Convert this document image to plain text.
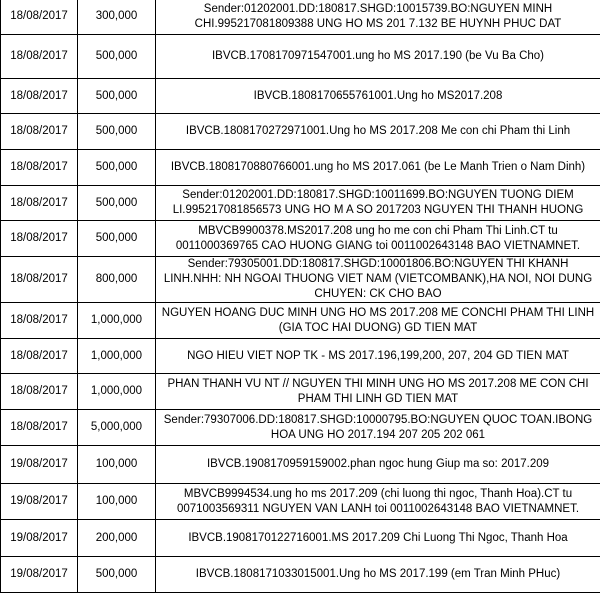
18/08/2017	300,000	Sender:01202001.DD:180817.SHGD:10015739.BO:NGUYEN MINH CHI.995217081809388 UNG HO MS 201 7.132 BE HUYNH PHUC DAT
18/08/2017	500,000	IBVCB.1708170971547001.ung ho MS 2017.190 (be Vu Ba Cho)
18/08/2017	500,000	IBVCB.1808170655761001.Ung ho MS2017.208
18/08/2017	500,000	IBVCB.1808170272971001.Ung ho MS 2017.208 Me con chi Pham thi Linh
18/08/2017	500,000	IBVCB.1808170880766001.ung ho MS 2017.061 (be Le Manh Trien o Nam Dinh)
18/08/2017	500,000	Sender:01202001.DD:180817.SHGD:10011699.BO:NGUYEN TUONG DIEM LI.995217081856573 UNG HO M A SO 2017203 NGUYEN THI THANH HUONG
18/08/2017	500,000	MBVCB9900378.MS2017.208 ung ho me con chi Pham Thi Linh.CT tu 0011000369765 CAO HUONG GIANG toi 0011002643148 BAO VIETNAMNET.
18/08/2017	800,000	Sender:79305001.DD:180817.SHGD:10001806.BO:NGUYEN THI KHANH LINH.NHH: NH NGOAI THUONG VIET NAM (VIETCOMBANK),HA NOI, NOI DUNG CHUYEN: CK CHO BAO
18/08/2017	1,000,000	NGUYEN HOANG DUC MINH UNG HO MS 2017.208 ME CONCHI PHAM THI LINH (GIA TOC HAI DUONG) GD TIEN MAT
18/08/2017	1,000,000	NGO HIEU VIET NOP TK - MS 2017.196,199,200, 207, 204 GD TIEN MAT
18/08/2017	1,000,000	PHAN THANH VU NT // NGUYEN THI MINH UNG HO MS 2017.208 ME CON CHI PHAM THI LINH GD TIEN MAT
18/08/2017	5,000,000	Sender:79307006.DD:180817.SHGD:10000795.BO:NGUYEN QUOC TOAN.IBONG HOA UNG HO 2017.194 207 205 202 061
19/08/2017	100,000	IBVCB.1908170959159002.phan ngoc hung Giup ma so: 2017.209
19/08/2017	100,000	MBVCB9994534.ung ho ms 2017.209 (chi luong thi ngoc, Thanh Hoa).CT tu 0071003569311 NGUYEN VAN LANH toi 0011002643148 BAO VIETNAMNET.
19/08/2017	200,000	IBVCB.1908170122716001.MS 2017.209 Chi Luong Thi Ngoc, Thanh Hoa
19/08/2017	500,000	IBVCB.1808171033015001.Ung ho MS 2017.199 (em Tran Minh PHuc)
